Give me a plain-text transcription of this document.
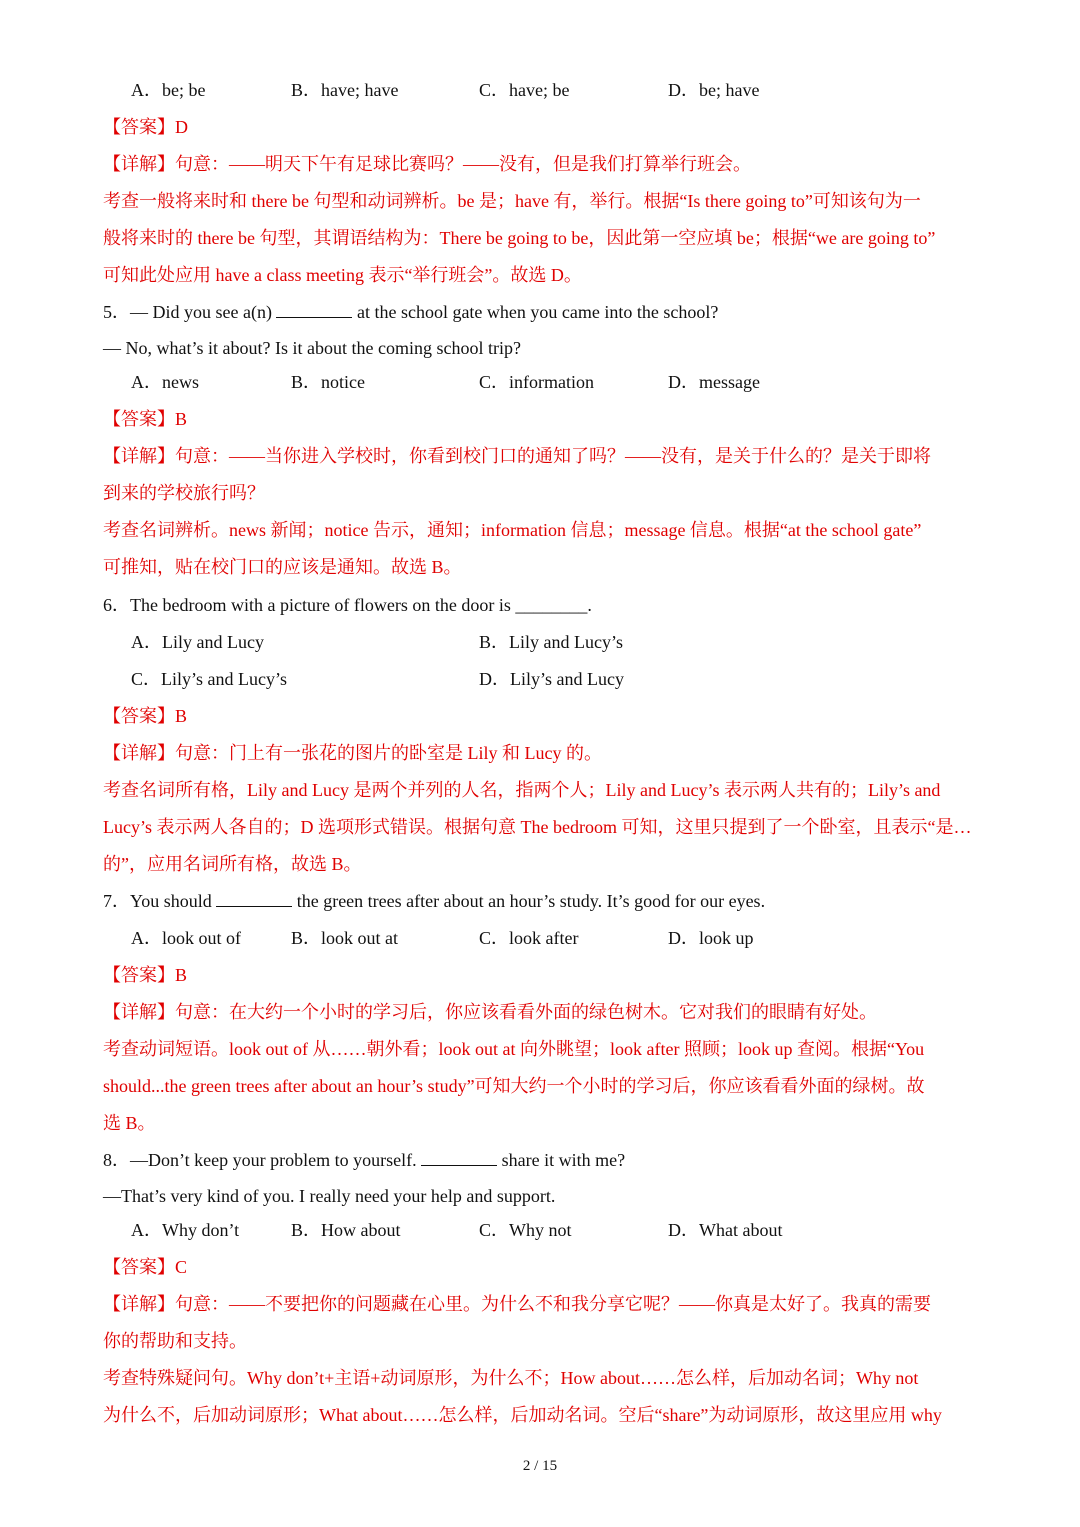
A．be; be	B．have; have	C．have; be	D．be; have
【答案】D
【详解】句意：——明天下午有足球比赛吗？——没有，但是我们打算举行班会。
考查一般将来时和 there be 句型和动词辨析。be 是；have 有，举行。根据“Is there going to”可知该句为一
般将来时的 there be 句型，其谓语结构为：There be going to be，因此第一空应填 be；根据“we are going to”
可知此处应用 have a class meeting 表示“举行班会”。故选 D。
5．— Did you see a(n)	at the school gate when you came into the school?
— No, what’s it about? Is it about the coming school trip?
A．news	B．notice	C．information	D．message
【答案】B
【详解】句意：——当你进入学校时，你看到校门口的通知了吗？——没有，是关于什么的？是关于即将
到来的学校旅行吗？
考查名词辨析。news 新闻；notice 告示，通知；information 信息；message 信息。根据“at the school gate”
可推知，贴在校门口的应该是通知。故选 B。
6．The bedroom with a picture of flowers on the door is ________.
A．Lily and Lucy	B．Lily and Lucy’s
C．Lily’s and Lucy’s	D．Lily’s and Lucy
【答案】B
【详解】句意：门上有一张花的图片的卧室是 Lily 和 Lucy 的。
考查名词所有格，Lily and Lucy 是两个并列的人名，指两个人；Lily and Lucy’s 表示两人共有的；Lily’s and
Lucy’s 表示两人各自的；D 选项形式错误。根据句意 The bedroom 可知，这里只提到了一个卧室，且表示“是…
的”，应用名词所有格，故选 B。
7．You should	the green trees after about an hour’s study. It’s good for our eyes.
A．look out of	B．look out at	C．look after	D．look up
【答案】B
【详解】句意：在大约一个小时的学习后，你应该看看外面的绿色树木。它对我们的眼睛有好处。
考查动词短语。look out of 从……朝外看；look out at 向外眺望；look after 照顾；look up 查阅。根据“You
should...the green trees after about an hour’s study”可知大约一个小时的学习后，你应该看看外面的绿树。故
选 B。
8．—Don’t keep your problem to yourself.	share it with me?
—That’s very kind of you. I really need your help and support.
A．Why don’t	B．How about	C．Why not	D．What about
【答案】C
【详解】句意：——不要把你的问题藏在心里。为什么不和我分享它呢？——你真是太好了。我真的需要
你的帮助和支持。
考查特殊疑问句。Why don’t+主语+动词原形，为什么不；How about……怎么样，后加动名词；Why not
为什么不，后加动词原形；What about……怎么样，后加动名词。空后“share”为动词原形，故这里应用 why
2 / 15
